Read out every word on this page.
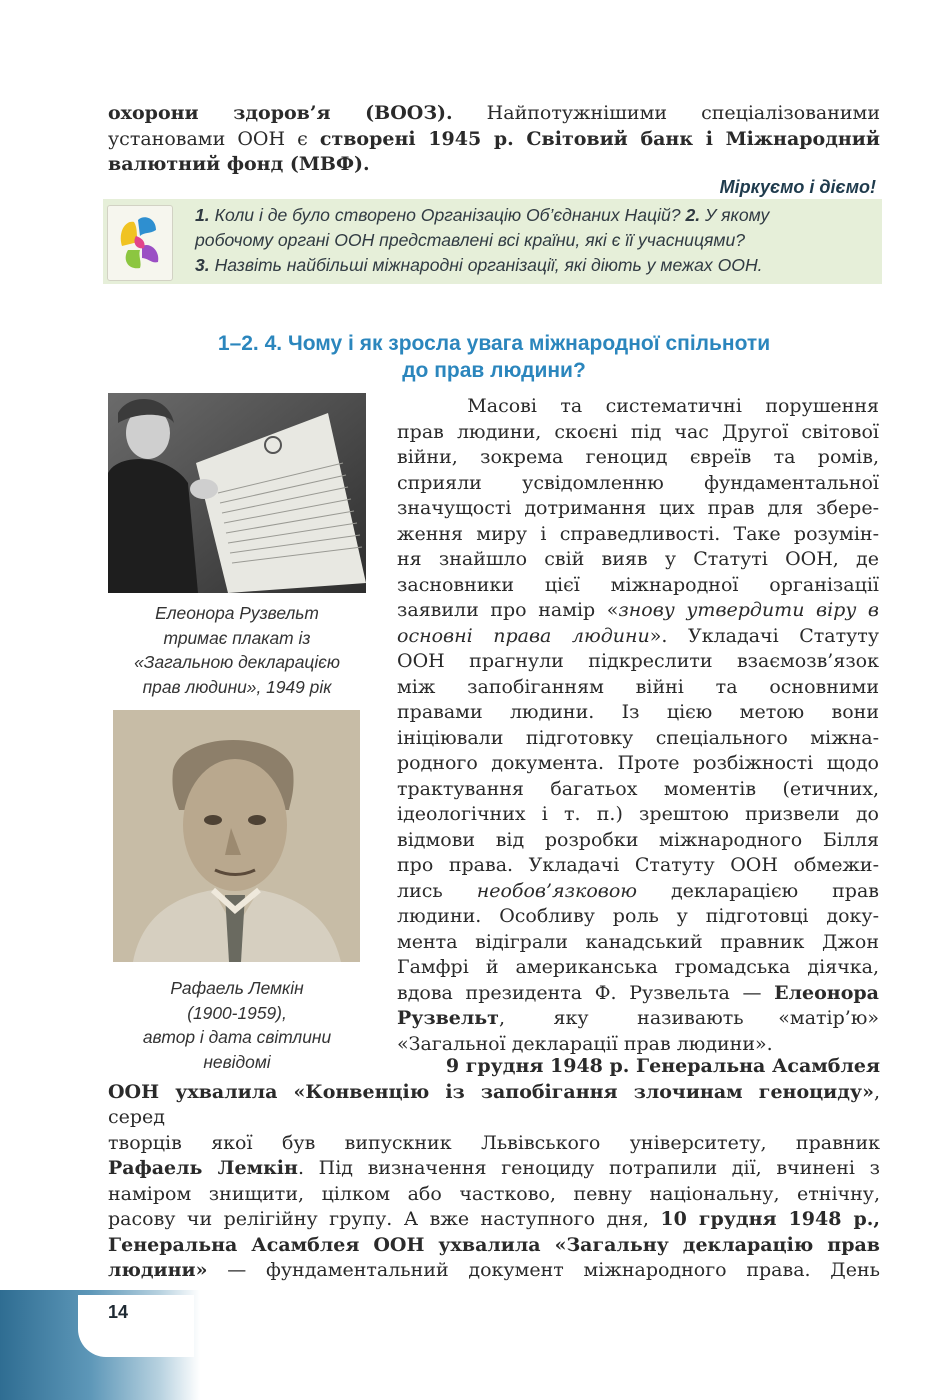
охорони здоров’я (ВООЗ). Найпотужнішими спеціалізованими
установами ООН є створені 1945 р. Світовий банк і Міжнародний
валютний фонд (МВФ).
Міркуємо і діємо!
1. Коли і де було створено Організацію Об’єднаних Націй? 2. У якому
робочому органі ООН представлені всі країни, які є її учасницями?
3. Назвіть найбільші міжнародні організації, які діють у межах ООН.
1–2. 4. Чому і як зросла увага міжнародної спільноти
до прав людини?
Елеонора Рузвельт
тримає плакат із
«Загальною декларацією
прав людини», 1949 рік
Рафаель Лемкін
(1900-1959),
автор і дата світлини
невідомі
Масові  та  систематичні  порушення
прав людини, скоєні під час Другої світової
війни, зокрема геноцид євреїв та ромів,
сприяли усвідомленню фундаментальної
значущості дотримання цих прав для збере-
ження миру і справедливості. Таке розумін-
ня знайшло свій вияв у Статуті ООН, де
засновники цієї міжнародної організації
заявили про намір «знову утвердити віру в
основні права людини». Укладачі Статуту
ООН прагнули підкреслити взаємозв’язок
між запобіганням війні та основними
правами людини. Із цією метою вони
ініціювали підготовку спеціального міжна-
родного документа. Проте розбіжності щодо
трактування багатьох моментів (етичних,
ідеологічних і т. п.) зрештою призвели до
відмови від розробки міжнародного Білля
про права. Укладачі Статуту ООН обмежи-
лись  необов’язковою  декларацією  прав
людини. Особливу роль у підготовці доку-
ментa відіграли канадський правник Джон
Гамфрі й американська громадська діячка,
вдова президента Ф. Рузвельта — Елеонора
Рузвельт,       яку       називають     «матір’ю»
«Загальної декларації прав людини».
9 грудня 1948 р. Генеральна Асамблея
ООН ухвалила «Конвенцію із запобігання злочинам геноциду», серед
творців якої був випускник Львівського університету, правник
Рафаель Лемкін. Під визначення геноциду потрапили дії, вчинені з
наміром знищити, цілком або частково, певну національну, етнічну,
расову чи релігійну групу. А вже наступного дня, 10 грудня 1948 р.,
Генеральна Асамблея ООН ухвалила «Загальну декларацію прав
людини» — фундаментальний документ міжнародного права. День
14
